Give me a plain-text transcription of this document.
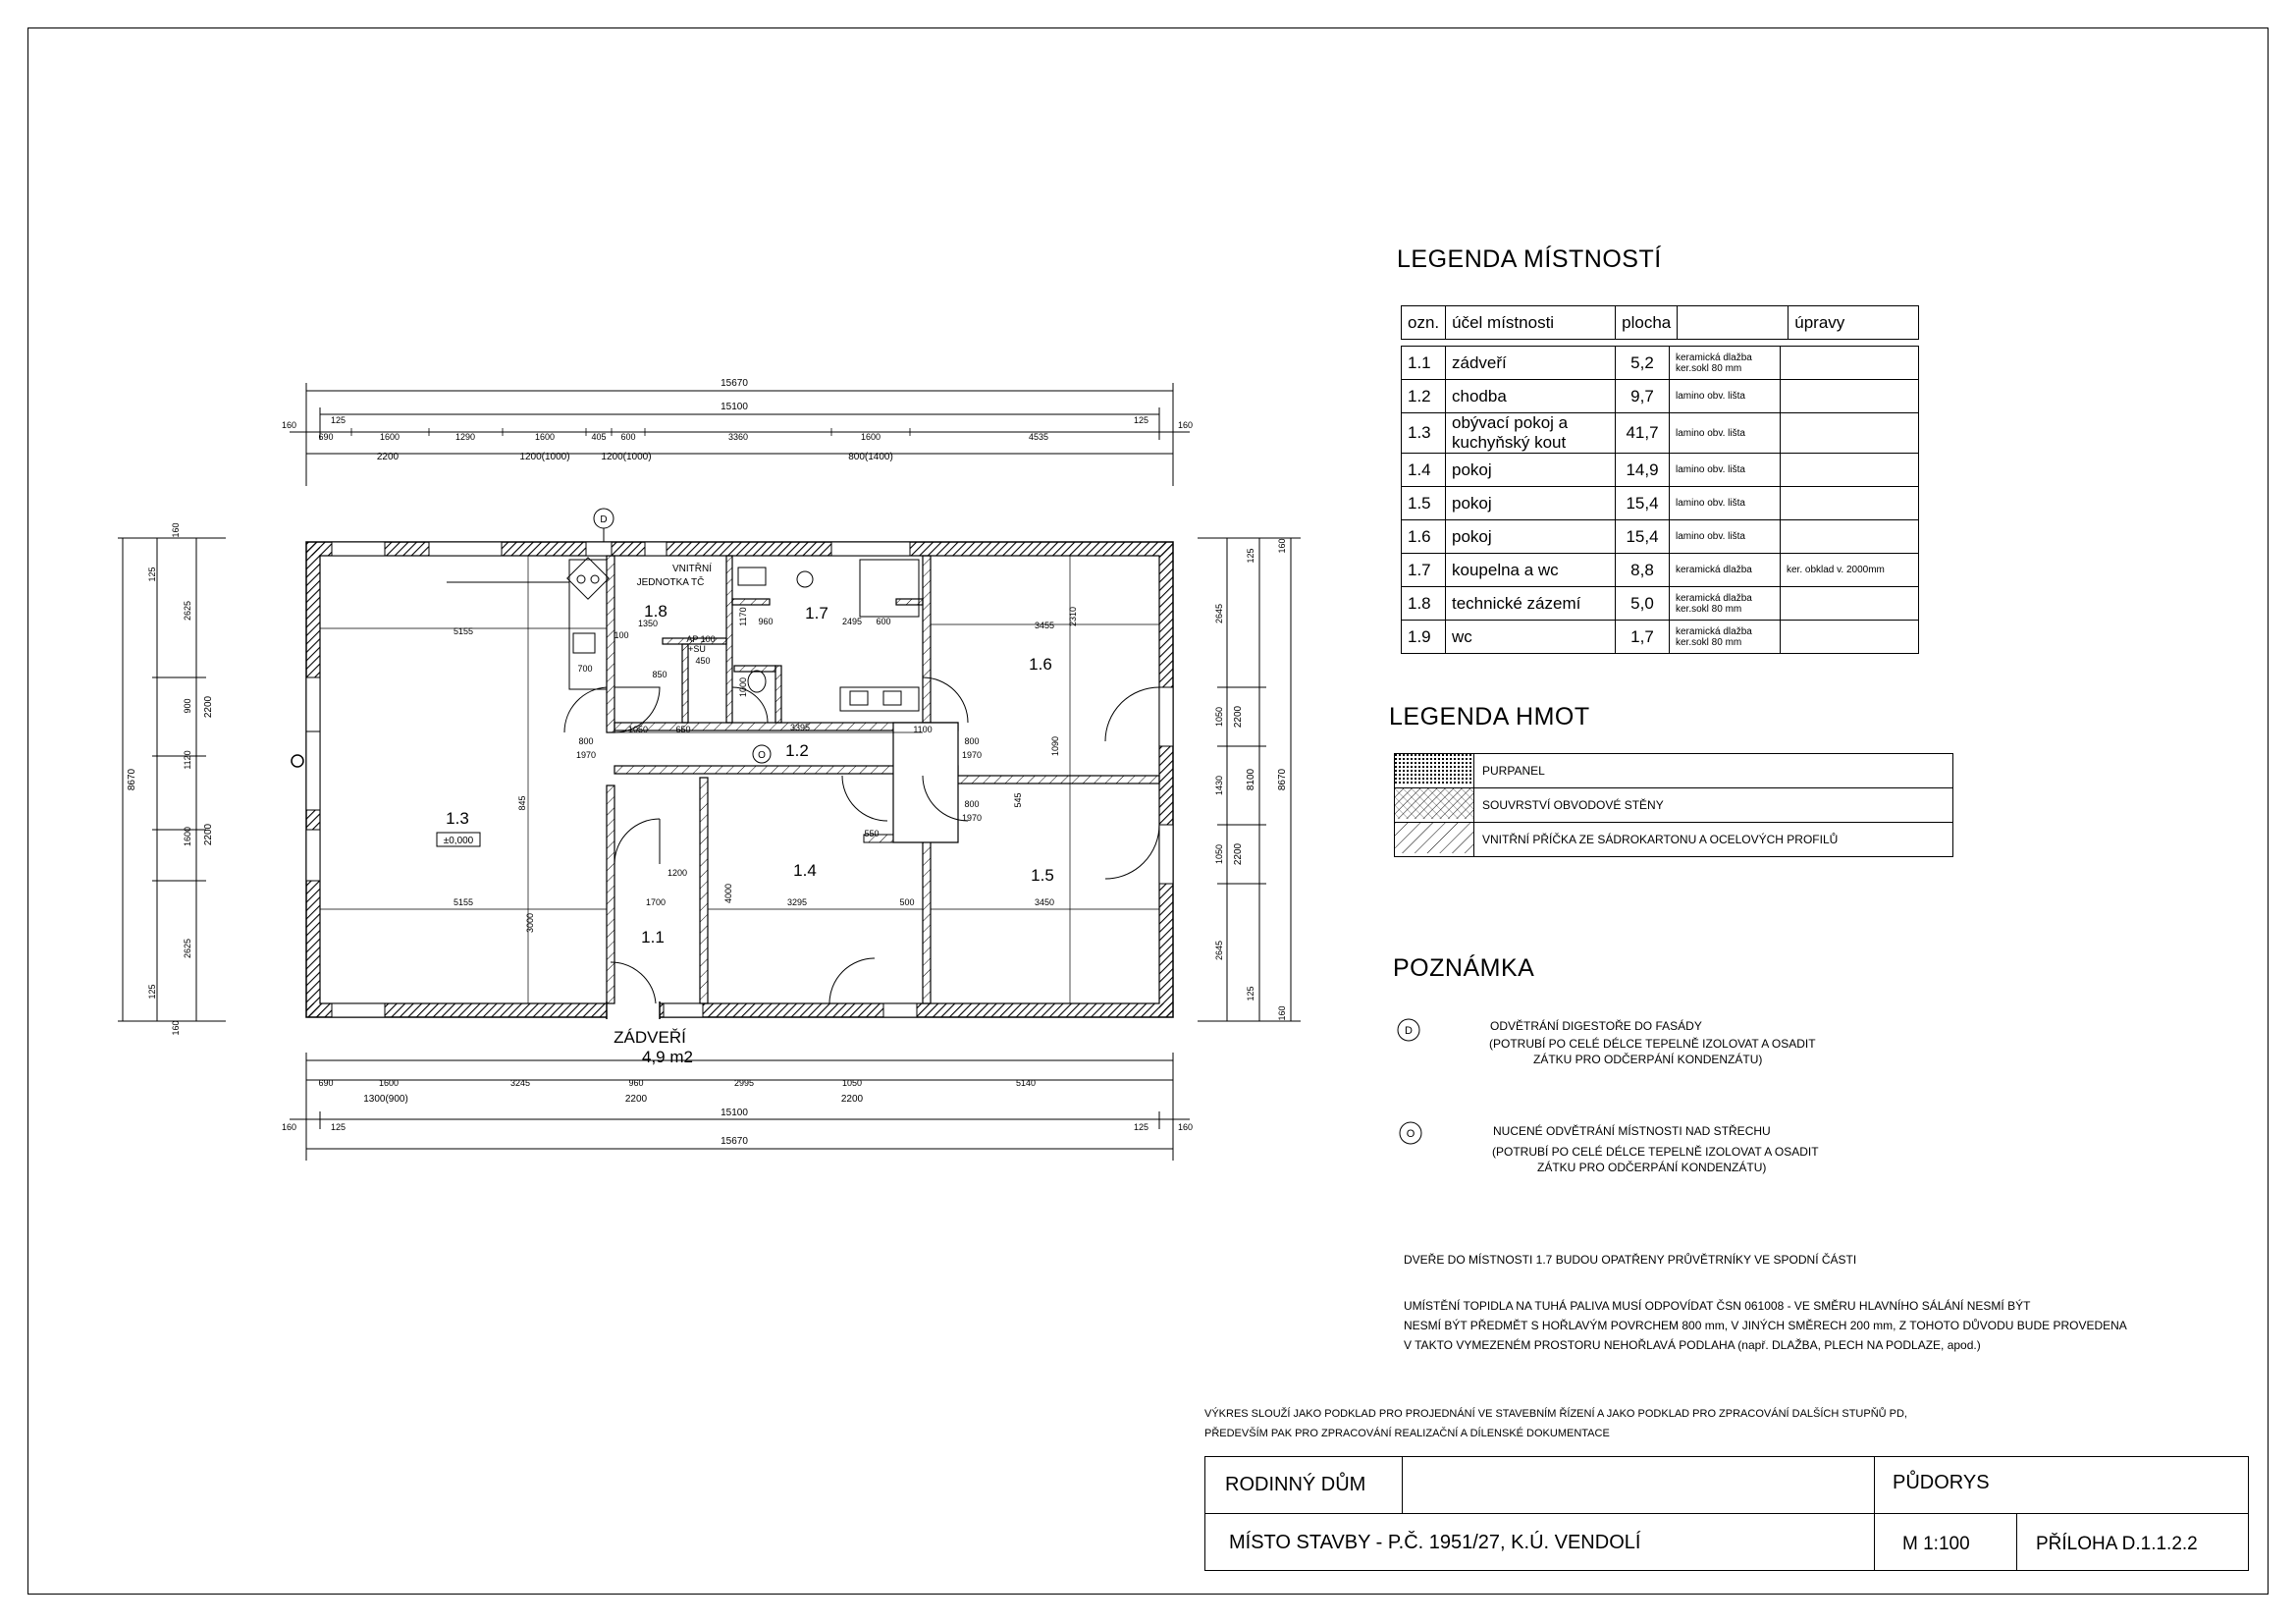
15670
15100
160	125	125	160
690	1600	1290	1600	405 600	3360	1600	4535
2200	1200(1000)	1200(1000)	800(1400)
8670
160
125
2625
900
1120
1600
2625
125
160
2200
2200
8670
8100
160
125
2645
1050
1430
1050
2645
125
160
2200
2200
690	1600	3245	960	2995	1050	5140
1300(900)	2200	2200
15100
15670
160	125	125	160
1.3
1.8	1.7
1.6
1.2
1.4	1.5
1.1
±0,000
ZÁDVEŘÍ
4,9 m2
VNITŘNÍ
JEDNOTKA TČ
D
O
5155
5155
3455
3450
3295
3395
2495
1700
1350
1050	1100
850
650
960
100
600
800
1970
800
1970
800
1970
2310
3000
4000
1090
845	545
550
500
450
1000
1170
1200
700
AP 100
+SU
LEGENDA MÍSTNOSTÍ
ozn.	účel místnosti	plocha		úpravy
1.1	zádveří	5,2	keramická dlažba ker.sokl 80 mm	
1.2	chodba	9,7	lamino obv. lišta	
1.3	obývací pokoj a kuchyňský kout	41,7	lamino obv. lišta	
1.4	pokoj	14,9	lamino obv. lišta	
1.5	pokoj	15,4	lamino obv. lišta	
1.6	pokoj	15,4	lamino obv. lišta	
1.7	koupelna a wc	8,8	keramická dlažba	ker. obklad v. 2000mm
1.8	technické zázemí	5,0	keramická dlažba ker.sokl 80 mm	
1.9	wc	1,7	keramická dlažba ker.sokl 80 mm	
LEGENDA HMOT
	PURPANEL
	SOUVRSTVÍ OBVODOVÉ STĚNY
	VNITŘNÍ PŘÍČKA ZE SÁDROKARTONU A OCELOVÝCH PROFILŮ
POZNÁMKA
D	ODVĚTRÁNÍ DIGESTOŘE DO FASÁDY
(POTRUBÍ PO CELÉ DÉLCE TEPELNĚ IZOLOVAT A OSADIT
ZÁTKU PRO ODČERPÁNÍ KONDENZÁTU)
O	NUCENÉ ODVĚTRÁNÍ MÍSTNOSTI NAD STŘECHU
(POTRUBÍ PO CELÉ DÉLCE TEPELNĚ IZOLOVAT A OSADIT
ZÁTKU PRO ODČERPÁNÍ KONDENZÁTU)
DVEŘE DO MÍSTNOSTI 1.7 BUDOU OPATŘENY PRŮVĚTRNÍKY VE SPODNÍ ČÁSTI
UMÍSTĚNÍ TOPIDLA NA TUHÁ PALIVA MUSÍ ODPOVÍDAT ČSN 061008 - VE SMĚRU HLAVNÍHO SÁLÁNÍ NESMÍ BÝT
NESMÍ BÝT PŘEDMĚT S HOŘLAVÝM POVRCHEM 800 mm, V JINÝCH SMĚRECH 200 mm, Z TOHOTO DŮVODU BUDE PROVEDENA
V TAKTO VYMEZENÉM PROSTORU NEHOŘLAVÁ PODLAHA (např. DLAŽBA, PLECH NA PODLAZE, apod.)
VÝKRES SLOUŽÍ JAKO PODKLAD PRO PROJEDNÁNÍ VE STAVEBNÍM ŘÍZENÍ A JAKO PODKLAD PRO ZPRACOVÁNÍ DALŠÍCH STUPŇŮ PD,
PŘEDEVŠÍM PAK PRO ZPRACOVÁNÍ REALIZAČNÍ A DÍLENSKÉ DOKUMENTACE
RODINNÝ DŮM	PŮDORYS
MÍSTO STAVBY - P.Č. 1951/27, K.Ú. VENDOLÍ	M 1:100	PŘÍLOHA D.1.1.2.2
